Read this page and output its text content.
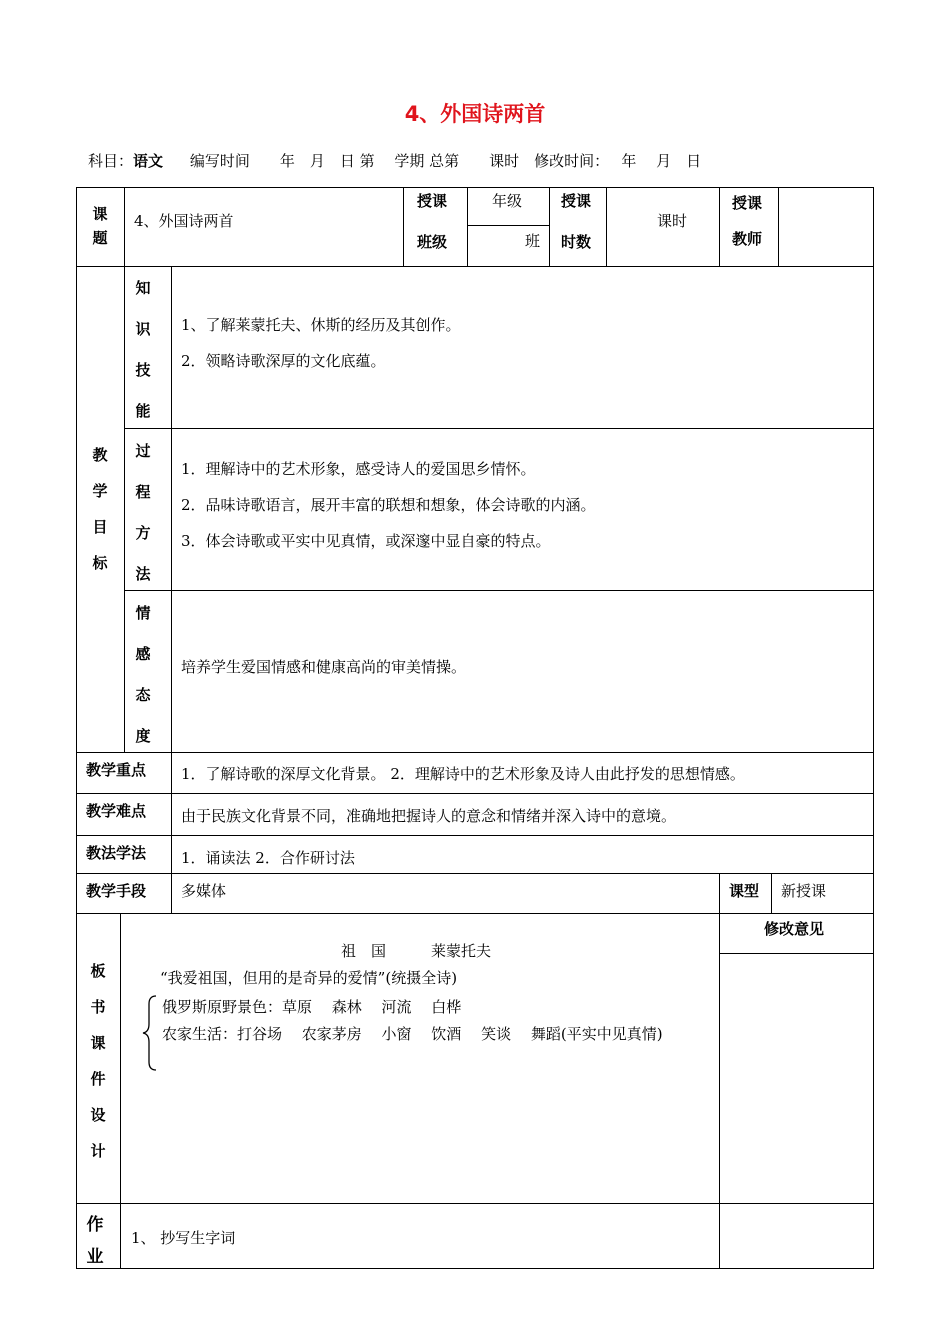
4、外国诗两首
科目：语文 编写时间　　年　月　日 第　 学期 总第　　课时　修改时间：　 年　 月　日
课
题
4、外国诗两首
授课
班级
年级
班
授课
时数
课时
授课
教师
教
学
目
标
知
识
技
能
1、了解莱蒙托夫、休斯的经历及其创作。
2．领略诗歌深厚的文化底蕴。
过
程
方
法
1．理解诗中的艺术形象，感受诗人的爱国思乡情怀。
2．品味诗歌语言，展开丰富的联想和想象，体会诗歌的内涵。
3．体会诗歌或平实中见真情，或深邃中显自豪的特点。
情
感
态
度
培养学生爱国情感和健康高尚的审美情操。
教学重点 1．了解诗歌的深厚文化背景。 2．理解诗中的艺术形象及诗人由此抒发的思想情感。
教学难点 由于民族文化背景不同，准确地把握诗人的意念和情绪并深入诗中的意境。
教法学法 1．诵读法 2．合作研讨法
教学手段 多媒体	课型 新授课
板
书
课
件
设
计
修改意见
祖　国　　　莱蒙托夫
“我爱祖国，但用的是奇异的爱情”(统摄全诗)
俄罗斯原野景色：草原　 森林　 河流　 白桦
农家生活：打谷场　 农家茅房　 小窗　 饮酒　 笑谈　 舞蹈(平实中见真情)
作
业
1、 抄写生字词
